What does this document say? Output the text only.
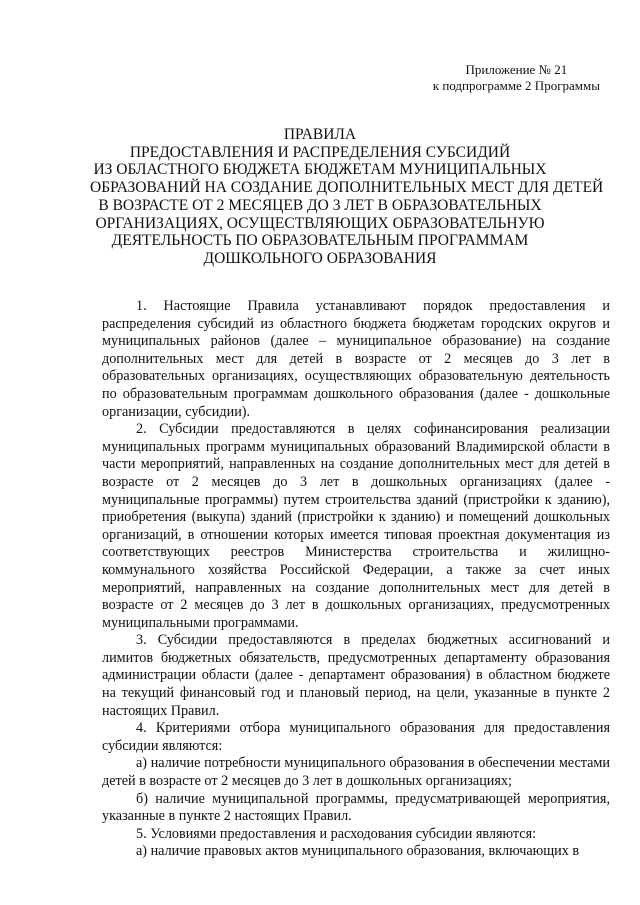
Приложение № 21
к подпрограмме 2 Программы
ПРАВИЛА
ПРЕДОСТАВЛЕНИЯ И РАСПРЕДЕЛЕНИЯ СУБСИДИЙ
ИЗ ОБЛАСТНОГО БЮДЖЕТА БЮДЖЕТАМ МУНИЦИПАЛЬНЫХ
ОБРАЗОВАНИЙ НА СОЗДАНИЕ ДОПОЛНИТЕЛЬНЫХ МЕСТ ДЛЯ ДЕТЕЙ
В ВОЗРАСТЕ ОТ 2 МЕСЯЦЕВ ДО 3 ЛЕТ В ОБРАЗОВАТЕЛЬНЫХ
ОРГАНИЗАЦИЯХ, ОСУЩЕСТВЛЯЮЩИХ ОБРАЗОВАТЕЛЬНУЮ
ДЕЯТЕЛЬНОСТЬ ПО ОБРАЗОВАТЕЛЬНЫМ ПРОГРАММАМ
ДОШКОЛЬНОГО ОБРАЗОВАНИЯ

1. Настоящие Правила устанавливают порядок предоставления и распределения субсидий из областного бюджета бюджетам городских округов и муниципальных районов (далее – муниципальное образование) на создание дополнительных мест для детей в возрасте от 2 месяцев до 3 лет в образовательных организациях, осуществляющих образовательную деятельность по образовательным программам дошкольного образования (далее - дошкольные организации, субсидии).

2. Субсидии предоставляются в целях софинансирования реализации муниципальных программ муниципальных образований Владимирской области в части мероприятий, направленных на создание дополнительных мест для детей в возрасте от 2 месяцев до 3 лет в дошкольных организациях (далее - муниципальные программы) путем строительства зданий (пристройки к зданию), приобретения (выкупа) зданий (пристройки к зданию) и помещений дошкольных организаций, в отношении которых имеется типовая проектная документация из соответствующих реестров Министерства строительства и жилищно-коммунального хозяйства Российской Федерации, а также за счет иных мероприятий, направленных на создание дополнительных мест для детей в возрасте от 2 месяцев до 3 лет в дошкольных организациях, предусмотренных муниципальными программами.

3. Субсидии предоставляются в пределах бюджетных ассигнований и лимитов бюджетных обязательств, предусмотренных департаменту образования администрации области (далее - департамент образования) в областном бюджете на текущий финансовый год и плановый период, на цели, указанные в пункте 2 настоящих Правил.

4. Критериями отбора муниципального образования для предоставления субсидии являются:

а) наличие потребности муниципального образования в обеспечении местами детей в возрасте от 2 месяцев до 3 лет в дошкольных организациях;

б) наличие муниципальной программы, предусматривающей мероприятия, указанные в пункте 2 настоящих Правил.

5. Условиями предоставления и расходования субсидии являются:

а) наличие правовых актов муниципального образования, включающих в
